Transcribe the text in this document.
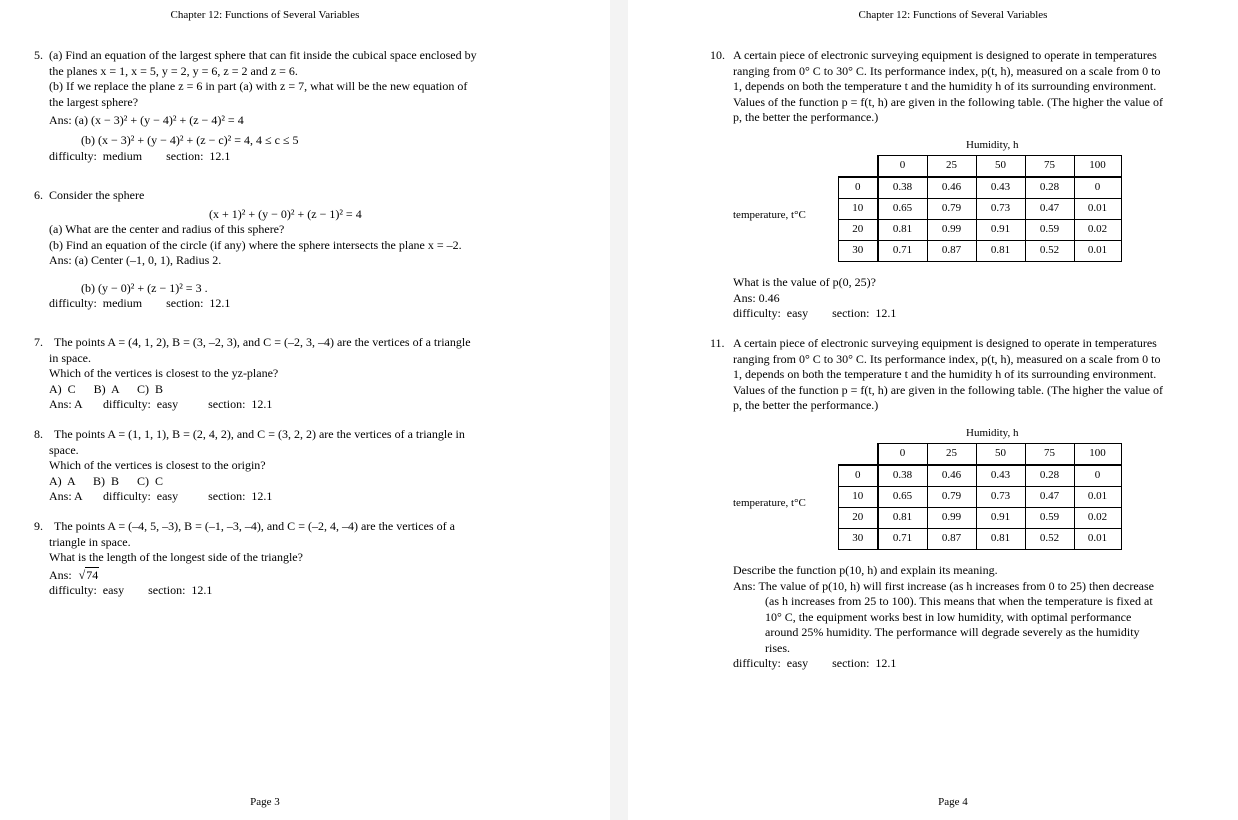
Chapter 12: Functions of Several Variables
5. (a) Find an equation of the largest sphere that can fit inside the cubical space enclosed by
the planes x = 1, x = 5, y = 2, y = 6, z = 2 and z = 6.
(b) If we replace the plane z = 6 in part (a) with z = 7, what will be the new equation of
the largest sphere?
Ans: (a) (x − 3)² + (y − 4)² + (z − 4)² = 4
(b) (x − 3)² + (y − 4)² + (z − c)² = 4, 4 ≤ c ≤ 5
difficulty:  medium        section:  12.1
6. Consider the sphere
(x + 1)² + (y − 0)² + (z − 1)² = 4
(a) What are the center and radius of this sphere?
(b) Find an equation of the circle (if any) where the sphere intersects the plane x = –2.
Ans: (a) Center (–1, 0, 1), Radius 2.
(b) (y − 0)² + (z − 1)² = 3 .
difficulty:  medium        section:  12.1
7. The points A = (4, 1, 2), B = (3, –2, 3), and C = (–2, 3, –4) are the vertices of a triangle
in space.
Which of the vertices is closest to the yz-plane?
A)  C      B)  A      C)  B
Ans: A       difficulty:  easy          section:  12.1
8. The points A = (1, 1, 1), B = (2, 4, 2), and C = (3, 2, 2) are the vertices of a triangle in
space.
Which of the vertices is closest to the origin?
A)  A      B)  B      C)  C
Ans: A       difficulty:  easy          section:  12.1
9. The points A = (–4, 5, –3), B = (–1, –3, –4), and C = (–2, 4, –4) are the vertices of a
triangle in space.
What is the length of the longest side of the triangle?
Ans: √74
difficulty:  easy        section:  12.1
Page 3
Chapter 12: Functions of Several Variables
10. A certain piece of electronic surveying equipment is designed to operate in temperatures
ranging from 0° C to 30° C. Its performance index, p(t, h), measured on a scale from 0 to
1, depends on both the temperature t and the humidity h of its surrounding environment.
Values of the function p = f(t, h) are given in the following table. (The higher the value of
p, the better the performance.)
Humidity, h
temperature, t°C
	0	25	50	75	100
0	0.38	0.46	0.43	0.28	0
10	0.65	0.79	0.73	0.47	0.01
20	0.81	0.99	0.91	0.59	0.02
30	0.71	0.87	0.81	0.52	0.01
What is the value of p(0, 25)?
Ans: 0.46
difficulty:  easy        section:  12.1
11. A certain piece of electronic surveying equipment is designed to operate in temperatures
ranging from 0° C to 30° C. Its performance index, p(t, h), measured on a scale from 0 to
1, depends on both the temperature t and the humidity h of its surrounding environment.
Values of the function p = f(t, h) are given in the following table. (The higher the value of
p, the better the performance.)
Humidity, h
temperature, t°C
	0	25	50	75	100
0	0.38	0.46	0.43	0.28	0
10	0.65	0.79	0.73	0.47	0.01
20	0.81	0.99	0.91	0.59	0.02
30	0.71	0.87	0.81	0.52	0.01
Describe the function p(10, h) and explain its meaning.
Ans: The value of p(10, h) will first increase (as h increases from 0 to 25) then decrease
(as h increases from 25 to 100). This means that when the temperature is fixed at
10° C, the equipment works best in low humidity, with optimal performance
around 25% humidity. The performance will degrade severely as the humidity
rises.
difficulty:  easy        section:  12.1
Page 4
